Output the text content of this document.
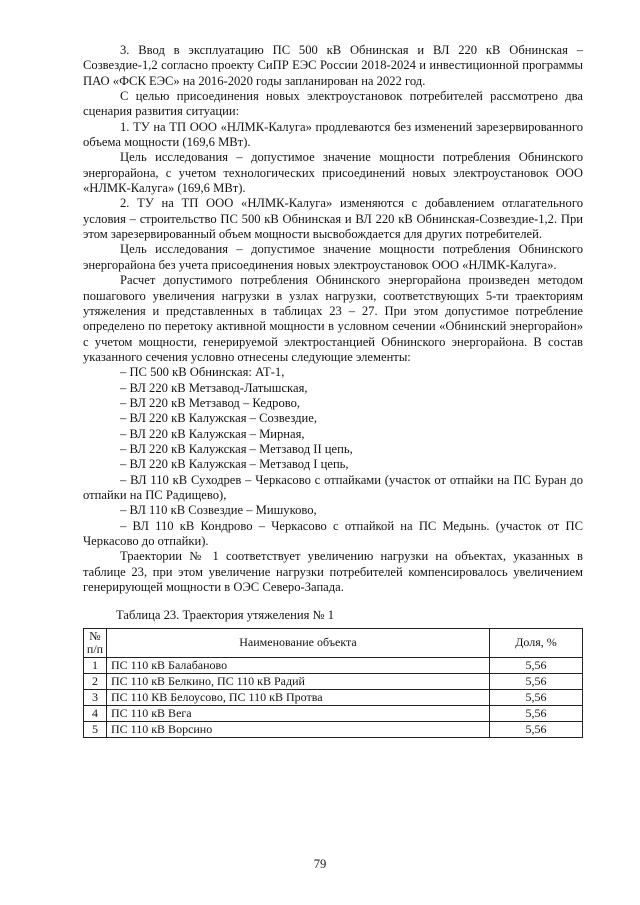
3. Ввод в эксплуатацию ПС 500 кВ Обнинская и ВЛ 220 кВ Обнинская – Созвездие-1,2 согласно проекту СиПР ЕЭС России 2018-2024 и инвестиционной программы ПАО «ФСК ЕЭС» на 2016-2020 годы запланирован на 2022 год.

С целью присоединения новых электроустановок потребителей рассмотрено два сценария развития ситуации:

1. ТУ на ТП ООО «НЛМК-Калуга» продлеваются без изменений зарезервированного объема мощности (169,6 МВт).

Цель исследования – допустимое значение мощности потребления Обнинского энергорайона, с учетом технологических присоединений новых электроустановок ООО «НЛМК-Калуга» (169,6 МВт).

2. ТУ на ТП ООО «НЛМК-Калуга» изменяются с добавлением отлагательного условия – строительство ПС 500 кВ Обнинская и ВЛ 220 кВ Обнинская-Созвездие-1,2. При этом зарезервированный объем мощности высвобождается для других потребителей.

Цель исследования – допустимое значение мощности потребления Обнинского энергорайона без учета присоединения новых электроустановок ООО «НЛМК-Калуга».

Расчет допустимого потребления Обнинского энергорайона произведен методом пошагового увеличения нагрузки в узлах нагрузки, соответствующих 5-ти траекториям утяжеления и представленных в таблицах 23 – 27. При этом допустимое потребление определено по перетоку активной мощности в условном сечении «Обнинский энергорайон» с учетом мощности, генерируемой электростанцией Обнинского энергорайона. В состав указанного сечения условно отнесены следующие элементы:

– ПС 500 кВ Обнинская: АТ-1,

– ВЛ 220 кВ Метзавод-Латышская,

– ВЛ 220 кВ Метзавод – Кедрово,

– ВЛ 220 кВ Калужская – Созвездие,

– ВЛ 220 кВ Калужская – Мирная,

– ВЛ 220 кВ Калужская – Метзавод II цепь,

– ВЛ 220 кВ Калужская – Метзавод I цепь,

– ВЛ 110 кВ Суходрев – Черкасово с отпайками (участок от отпайки на ПС Буран до отпайки на ПС Радищево),

– ВЛ 110 кВ Созвездие – Мишуково,

– ВЛ 110 кВ Кондрово – Черкасово с отпайкой на ПС Медынь. (участок от ПС Черкасово до отпайки).

Траектории № 1 соответствует увеличению нагрузки на объектах, указанных в таблице 23, при этом увеличение нагрузки потребителей компенсировалось увеличением генерирующей мощности в ОЭС Северо-Запада.

Таблица 23. Траектория утяжеления № 1
№ п/п	Наименование объекта	Доля, %
1	ПС 110 кВ Балабаново	5,56
2	ПС 110 кВ Белкино, ПС 110 кВ Радий	5,56
3	ПС 110 КВ Белоусово, ПС 110 кВ Протва	5,56
4	ПС 110 кВ Вега	5,56
5	ПС 110 кВ Ворсино	5,56
79
